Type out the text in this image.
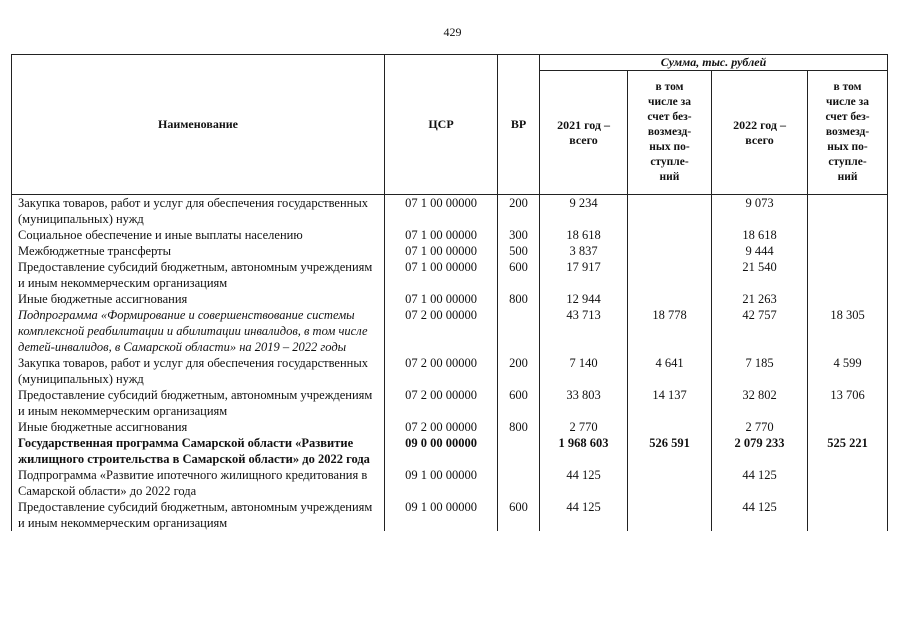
429
Наименование	ЦСР	ВР	Сумма, тыс. рублей			

			2021 год – всего	в том числе за счет без-возмезд-ных по-ступле-ний	2022 год – всего	в том числе за счет без-возмезд-ных по-ступле-ний

Закупка товаров, работ и услуг для обеспечения государственных (муниципальных) нужд	07 1 00 00000	200	9 234		9 073	
Социальное обеспечение и иные выплаты населению	07 1 00 00000	300	18 618		18 618	
Межбюджетные трансферты	07 1 00 00000	500	3 837		9 444	
Предоставление субсидий бюджетным, автономным учреждениям и иным некоммерческим организациям	07 1 00 00000	600	17 917		21 540	
Иные бюджетные ассигнования	07 1 00 00000	800	12 944		21 263	
Подпрограмма «Формирование и совершенствование системы комплексной реабилитации и абилитации инвалидов, в том числе детей-инвалидов, в Самарской области» на 2019 – 2022 годы	07 2 00 00000		43 713	18 778	42 757	18 305
Закупка товаров, работ и услуг для обеспечения государственных (муниципальных) нужд	07 2 00 00000	200	7 140	4 641	7 185	4 599
Предоставление субсидий бюджетным, автономным учреждениям и иным некоммерческим организациям	07 2 00 00000	600	33 803	14 137	32 802	13 706
Иные бюджетные ассигнования	07 2 00 00000	800	2 770		2 770	
Государственная программа Самарской области «Развитие жилищного строительства в Самарской области» до 2022 года	09 0 00 00000		1 968 603	526 591	2 079 233	525 221
Подпрограмма «Развитие ипотечного жилищного кредитования в Самарской области» до 2022 года	09 1 00 00000		44 125		44 125	
Предоставление субсидий бюджетным, автономным учреждениям и иным некоммерческим организациям	09 1 00 00000	600	44 125		44 125	
